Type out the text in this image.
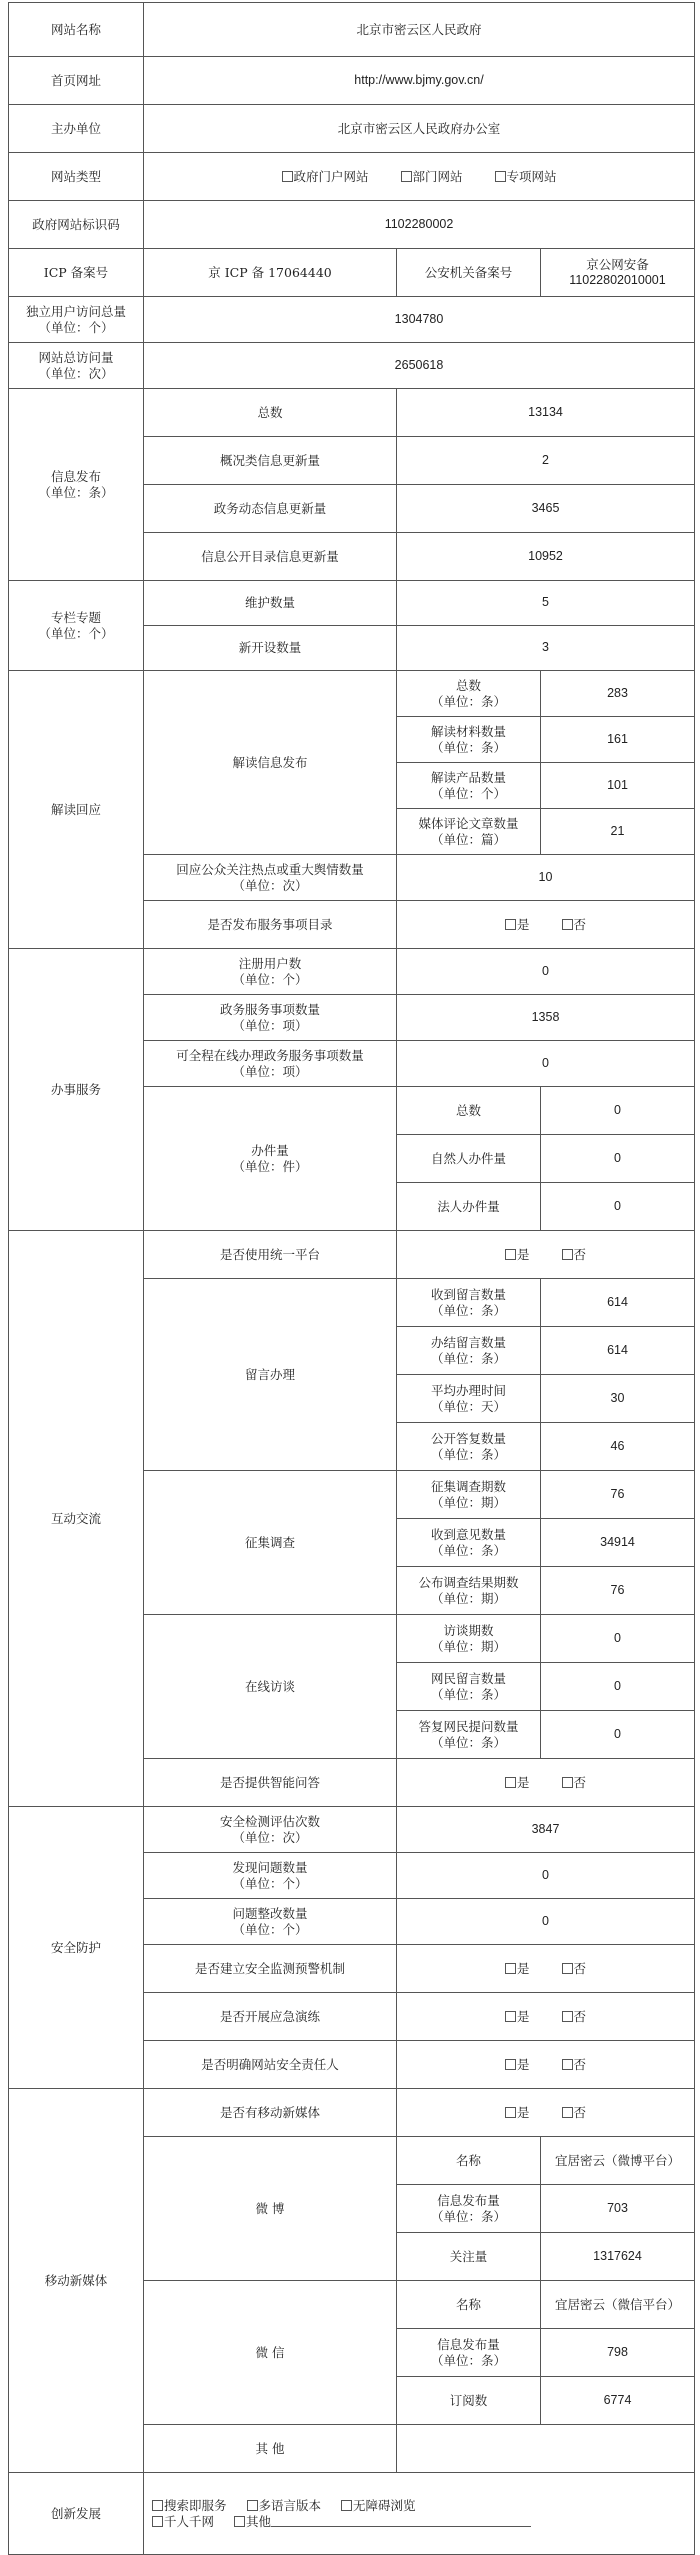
网站名称	北京市密云区人民政府		
首页网址	http://www.bjmy.gov.cn/		
主办单位	北京市密云区人民政府办公室		
网站类型	政府门户网站 部门网站 专项网站		
政府网站标识码	1102280002		
ICP 备案号	京 ICP 备 17064440	公安机关备案号	京公网安备
11022802010001

独立用户访问总量
（单位：个）	1304780		

网站总访问量
（单位：次）	2650618		

信息发布
（单位：条）	总数	13134	
	概况类信息更新量	2	
	政务动态信息更新量	3465	
	信息公开目录信息更新量	10952	

专栏专题
（单位：个）	维护数量	5	
	新开设数量	3	
解读回应	解读信息发布	总数
（单位：条）	283

		解读材料数量
（单位：条）	161

		解读产品数量
（单位：个）	101

		媒体评论文章数量
（单位：篇）	21

	回应公众关注热点或重大舆情数量
（单位：次）	10	
	是否发布服务事项目录	是 否	
办事服务	注册用户数
（单位：个）	0	

	政务服务事项数量
（单位：项）	1358	

	可全程在线办理政务服务事项数量
（单位：项）	0	

	办件量
（单位：件）	总数	0
		自然人办件量	0
		法人办件量	0
互动交流	是否使用统一平台	是 否	
	留言办理	收到留言数量
（单位：条）	614

		办结留言数量
（单位：条）	614

		平均办理时间
（单位：天）	30

		公开答复数量
（单位：条）	46
	征集调查	征集调查期数
（单位：期）	76

		收到意见数量
（单位：条）	34914

		公布调查结果期数
（单位：期）	76
	在线访谈	访谈期数
（单位：期）	0

		网民留言数量
（单位：条）	0

		答复网民提问数量
（单位：条）	0
	是否提供智能问答	是 否	
安全防护	安全检测评估次数
（单位：次）	3847	

	发现问题数量
（单位：个）	0	

	问题整改数量
（单位：个）	0	
	是否建立安全监测预警机制	是 否	
	是否开展应急演练	是 否	
	是否明确网站安全责任人	是 否	
移动新媒体	是否有移动新媒体	是 否	
	微 博	名称	宜居密云（微博平台）

		信息发布量
（单位：条）	703
		关注量	1317624
	微 信	名称	宜居密云（微信平台）

		信息发布量
（单位：条）	798
		订阅数	6774
	其 他		
创新发展	搜索即服务 多语言版本 无障碍浏览
千人千网 其他		
